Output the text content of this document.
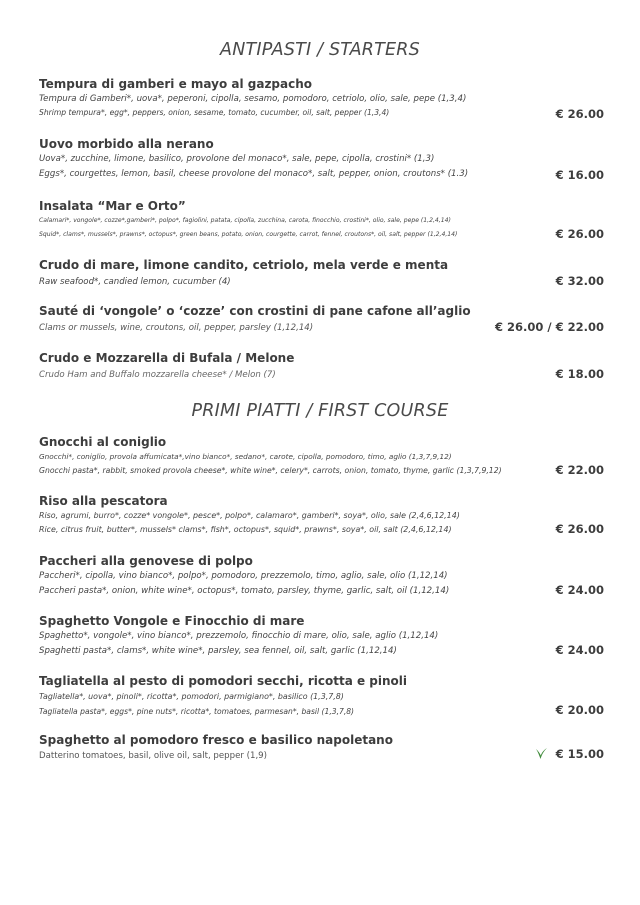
ANTIPASTI / STARTERS
Tempura di gamberi e mayo al gazpacho
Tempura di Gamberi*, uova*, peperoni, cipolla, sesamo, pomodoro, cetriolo, olio, sale, pepe (1,3,4)
Shrimp tempura*, egg*, peppers, onion, sesame, tomato, cucumber, oil, salt, pepper (1,3,4)	€ 26.00
Uovo morbido alla nerano
Uova*, zucchine, limone, basilico, provolone del monaco*, sale, pepe, cipolla, crostini* (1,3)
Eggs*, courgettes, lemon, basil, cheese provolone del monaco*, salt, pepper, onion, croutons* (1.3)	€ 16.00
Insalata “Mar e Orto”
Calamari*, vongole*, cozze*,gamberi*, polpo*, fagiolini, patata, cipolla, zucchina, carota, finocchio, crostini*, olio, sale, pepe (1,2,4,14)
Squid*, clams*, mussels*, prawns*, octopus*, green beans, potato, onion, courgette, carrot, fennel, croutons*, oil, salt, pepper (1,2,4,14)	€ 26.00
Crudo di mare, limone candito, cetriolo, mela verde e menta
Raw seafood*, candied lemon, cucumber (4)	€ 32.00
Sauté di ‘vongole’ o ‘cozze’ con crostini di pane cafone all’aglio
Clams or mussels, wine, croutons, oil, pepper, parsley (1,12,14)	€ 26.00 / € 22.00
Crudo e Mozzarella di Bufala / Melone
Crudo Ham and Buffalo mozzarella cheese* / Melon (7)	€ 18.00
PRIMI PIATTI / FIRST COURSE
Gnocchi al coniglio
Gnocchi*, coniglio, provola affumicata*,vino bianco*, sedano*, carote, cipolla, pomodoro, timo, aglio (1,3,7,9,12)
Gnocchi pasta*, rabbit, smoked provola cheese*, white wine*, celery*, carrots, onion, tomato, thyme, garlic (1,3,7,9,12)	€ 22.00
Riso alla pescatora
Riso, agrumi, burro*, cozze* vongole*, pesce*, polpo*, calamaro*, gamberi*, soya*, olio, sale (2,4,6,12,14)
Rice, citrus fruit, butter*, mussels* clams*, fish*, octopus*, squid*, prawns*, soya*, oil, salt (2,4,6,12,14)	€ 26.00
Paccheri alla genovese di polpo
Paccheri*, cipolla, vino bianco*, polpo*, pomodoro, prezzemolo, timo, aglio, sale, olio (1,12,14)
Paccheri pasta*, onion, white wine*, octopus*, tomato, parsley, thyme, garlic, salt, oil (1,12,14)	€ 24.00
Spaghetto Vongole e Finocchio di mare
Spaghetto*, vongole*, vino bianco*, prezzemolo, finocchio di mare, olio, sale, aglio (1,12,14)
Spaghetti pasta*, clams*, white wine*, parsley, sea fennel, oil, salt, garlic (1,12,14)	€ 24.00
Tagliatella al pesto di pomodori secchi, ricotta e pinoli
Tagliatella*, uova*, pinoli*, ricotta*, pomodori, parmigiano*, basilico (1,3,7,8)
Tagliatella pasta*, eggs*, pine nuts*, ricotta*, tomatoes, parmesan*, basil (1,3,7,8)	€ 20.00
Spaghetto al pomodoro fresco e basilico napoletano
Datterino tomatoes, basil, olive oil, salt, pepper (1,9)	€ 15.00
